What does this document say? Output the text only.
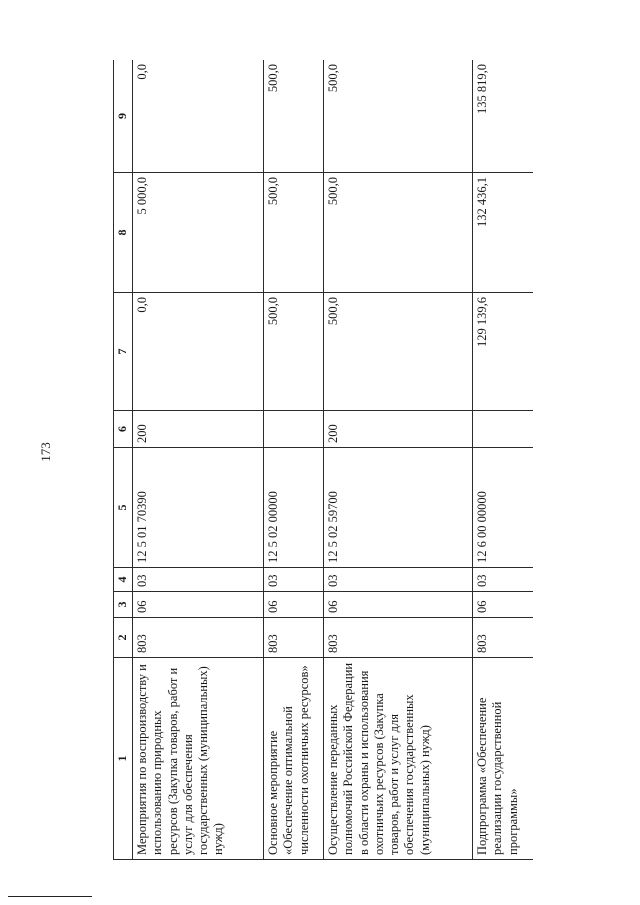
173
1	2	3	4	5	6	7	8	9
Мероприятия по воспроизводству и использованию природных ресурсов (Закупка товаров, работ и услуг для обеспечения государственных (муниципальных) нужд)	803	06	03	12 5 01 70390	200	0,0	5 000,0	0,0
Основное мероприятие «Обеспечение оптимальной численности охотничьих ресурсов»	803	06	03	12 5 02 00000		500,0	500,0	500,0
Осуществление переданных полномочий Российской Федерации в области охраны и использования охотничьих ресурсов (Закупка товаров, работ и услуг для обеспечения государственных (муниципальных) нужд)	803	06	03	12 5 02 59700	200	500,0	500,0	500,0
Подпрограмма «Обеспечение реализации государственной программы»	803	06	03	12 6 00 00000		129 139,6	132 436,1	135 819,0
